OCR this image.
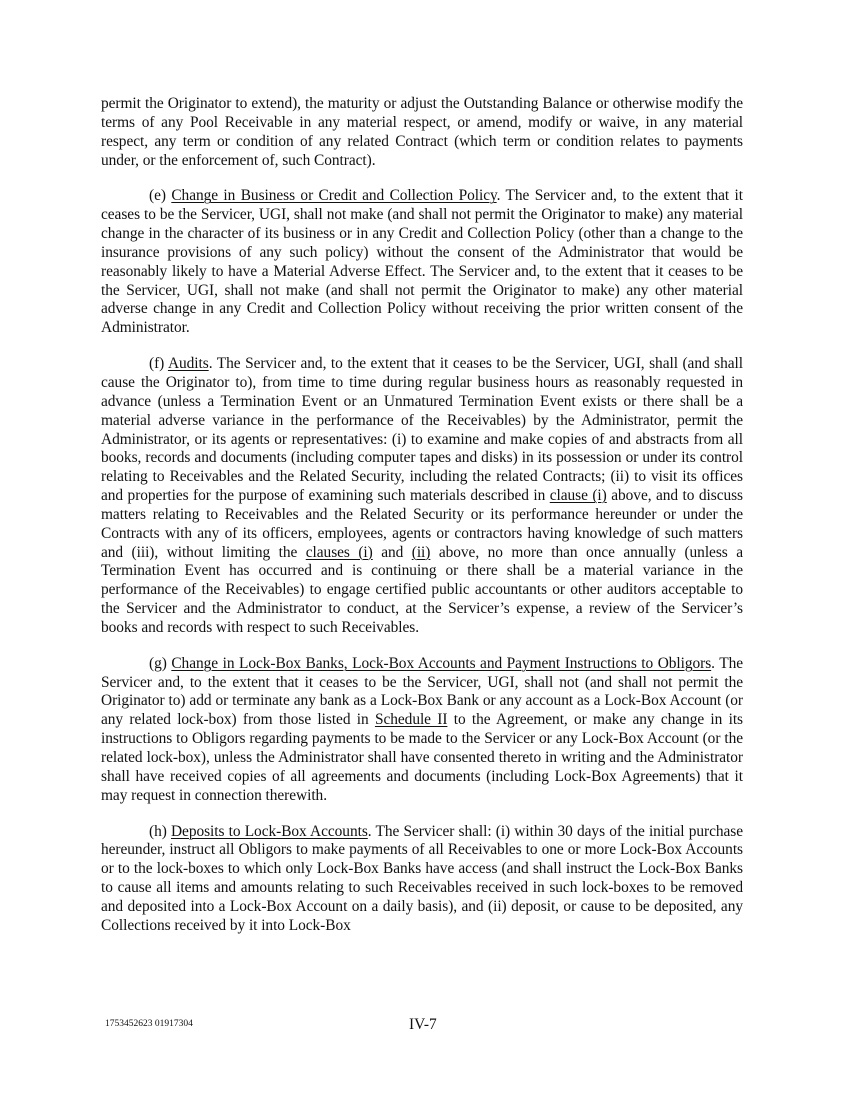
permit the Originator to extend), the maturity or adjust the Outstanding Balance or otherwise modify the terms of any Pool Receivable in any material respect, or amend, modify or waive, in any material respect, any term or condition of any related Contract (which term or condition relates to payments under, or the enforcement of, such Contract).

(e) Change in Business or Credit and Collection Policy. The Servicer and, to the extent that it ceases to be the Servicer, UGI, shall not make (and shall not permit the Originator to make) any material change in the character of its business or in any Credit and Collection Policy (other than a change to the insurance provisions of any such policy) without the consent of the Administrator that would be reasonably likely to have a Material Adverse Effect. The Servicer and, to the extent that it ceases to be the Servicer, UGI, shall not make (and shall not permit the Originator to make) any other material adverse change in any Credit and Collection Policy without receiving the prior written consent of the Administrator.

(f) Audits. The Servicer and, to the extent that it ceases to be the Servicer, UGI, shall (and shall cause the Originator to), from time to time during regular business hours as reasonably requested in advance (unless a Termination Event or an Unmatured Termination Event exists or there shall be a material adverse variance in the performance of the Receivables) by the Administrator, permit the Administrator, or its agents or representatives: (i) to examine and make copies of and abstracts from all books, records and documents (including computer tapes and disks) in its possession or under its control relating to Receivables and the Related Security, including the related Contracts; (ii) to visit its offices and properties for the purpose of examining such materials described in clause (i) above, and to discuss matters relating to Receivables and the Related Security or its performance hereunder or under the Contracts with any of its officers, employees, agents or contractors having knowledge of such matters and (iii), without limiting the clauses (i) and (ii) above, no more than once annually (unless a Termination Event has occurred and is continuing or there shall be a material variance in the performance of the Receivables) to engage certified public accountants or other auditors acceptable to the Servicer and the Administrator to conduct, at the Servicer’s expense, a review of the Servicer’s books and records with respect to such Receivables.

(g) Change in Lock-Box Banks, Lock-Box Accounts and Payment Instructions to Obligors. The Servicer and, to the extent that it ceases to be the Servicer, UGI, shall not (and shall not permit the Originator to) add or terminate any bank as a Lock-Box Bank or any account as a Lock-Box Account (or any related lock-box) from those listed in Schedule II to the Agreement, or make any change in its instructions to Obligors regarding payments to be made to the Servicer or any Lock-Box Account (or the related lock-box), unless the Administrator shall have consented thereto in writing and the Administrator shall have received copies of all agreements and documents (including Lock-Box Agreements) that it may request in connection therewith.

(h) Deposits to Lock-Box Accounts. The Servicer shall: (i) within 30 days of the initial purchase hereunder, instruct all Obligors to make payments of all Receivables to one or more Lock-Box Accounts or to the lock-boxes to which only Lock-Box Banks have access (and shall instruct the Lock-Box Banks to cause all items and amounts relating to such Receivables received in such lock-boxes to be removed and deposited into a Lock-Box Account on a daily basis), and (ii) deposit, or cause to be deposited, any Collections received by it into Lock-Box

17534526​23 01917304	IV-7
